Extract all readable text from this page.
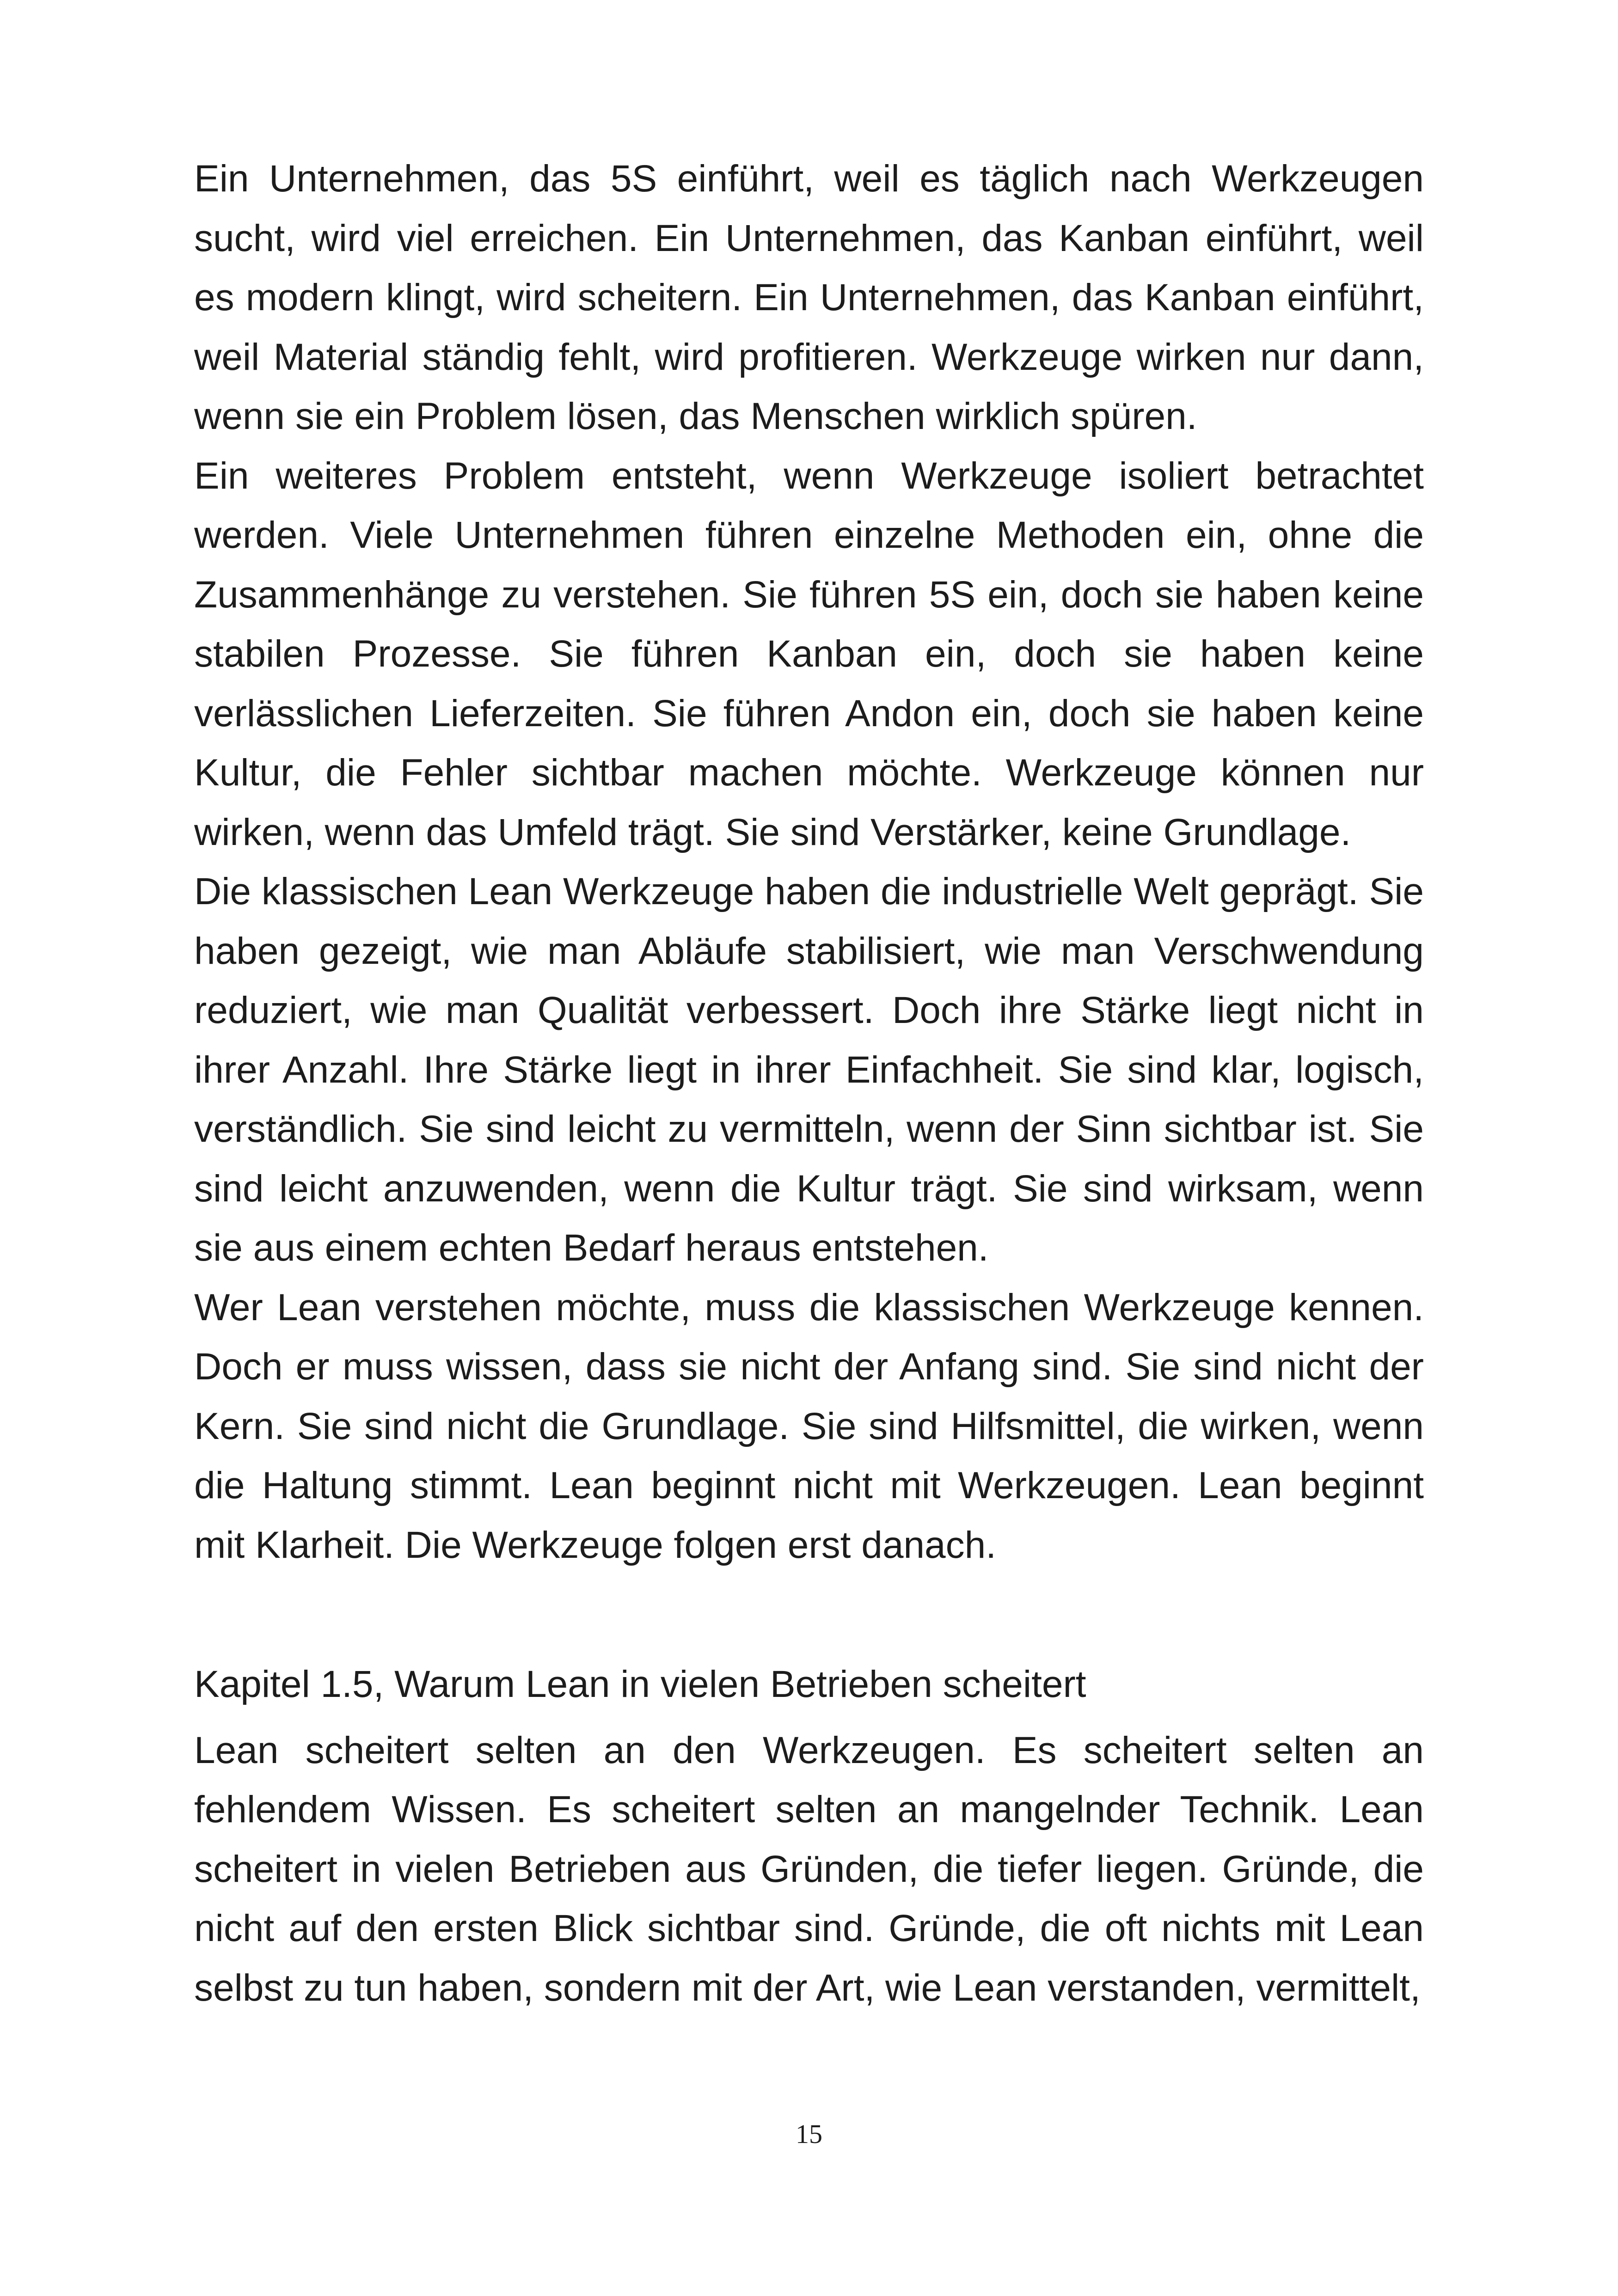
Ein Unternehmen, das 5S einführt, weil es täglich nach Werkzeugen sucht, wird viel erreichen. Ein Unternehmen, das Kanban einführt, weil es modern klingt, wird scheitern. Ein Unternehmen, das Kanban einführt, weil Material ständig fehlt, wird profitieren. Werkzeuge wirken nur dann, wenn sie ein Problem lösen, das Menschen wirklich spüren.

Ein weiteres Problem entsteht, wenn Werkzeuge isoliert betrachtet werden. Viele Unternehmen führen einzelne Methoden ein, ohne die Zusammenhänge zu verstehen. Sie führen 5S ein, doch sie haben keine stabilen Prozesse. Sie führen Kanban ein, doch sie haben keine verlässlichen Lieferzeiten. Sie führen Andon ein, doch sie haben keine Kultur, die Fehler sichtbar machen möchte. Werkzeuge können nur wirken, wenn das Umfeld trägt. Sie sind Verstärker, keine Grundlage.

Die klassischen Lean Werkzeuge haben die industrielle Welt geprägt. Sie haben gezeigt, wie man Abläufe stabilisiert, wie man Verschwendung reduziert, wie man Qualität verbessert. Doch ihre Stärke liegt nicht in ihrer Anzahl. Ihre Stärke liegt in ihrer Einfachheit. Sie sind klar, logisch, verständlich. Sie sind leicht zu vermitteln, wenn der Sinn sichtbar ist. Sie sind leicht anzuwenden, wenn die Kultur trägt. Sie sind wirksam, wenn sie aus einem echten Bedarf heraus entstehen.

Wer Lean verstehen möchte, muss die klassischen Werkzeuge kennen. Doch er muss wissen, dass sie nicht der Anfang sind. Sie sind nicht der Kern. Sie sind nicht die Grundlage. Sie sind Hilfsmittel, die wirken, wenn die Haltung stimmt. Lean beginnt nicht mit Werkzeugen. Lean beginnt mit Klarheit. Die Werkzeuge folgen erst danach.

Kapitel 1.5, Warum Lean in vielen Betrieben scheitert

Lean scheitert selten an den Werkzeugen. Es scheitert selten an fehlendem Wissen. Es scheitert selten an mangelnder Technik. Lean scheitert in vielen Betrieben aus Gründen, die tiefer liegen. Gründe, die nicht auf den ersten Blick sichtbar sind. Gründe, die oft nichts mit Lean selbst zu tun haben, sondern mit der Art, wie Lean verstanden, vermittelt,

15
